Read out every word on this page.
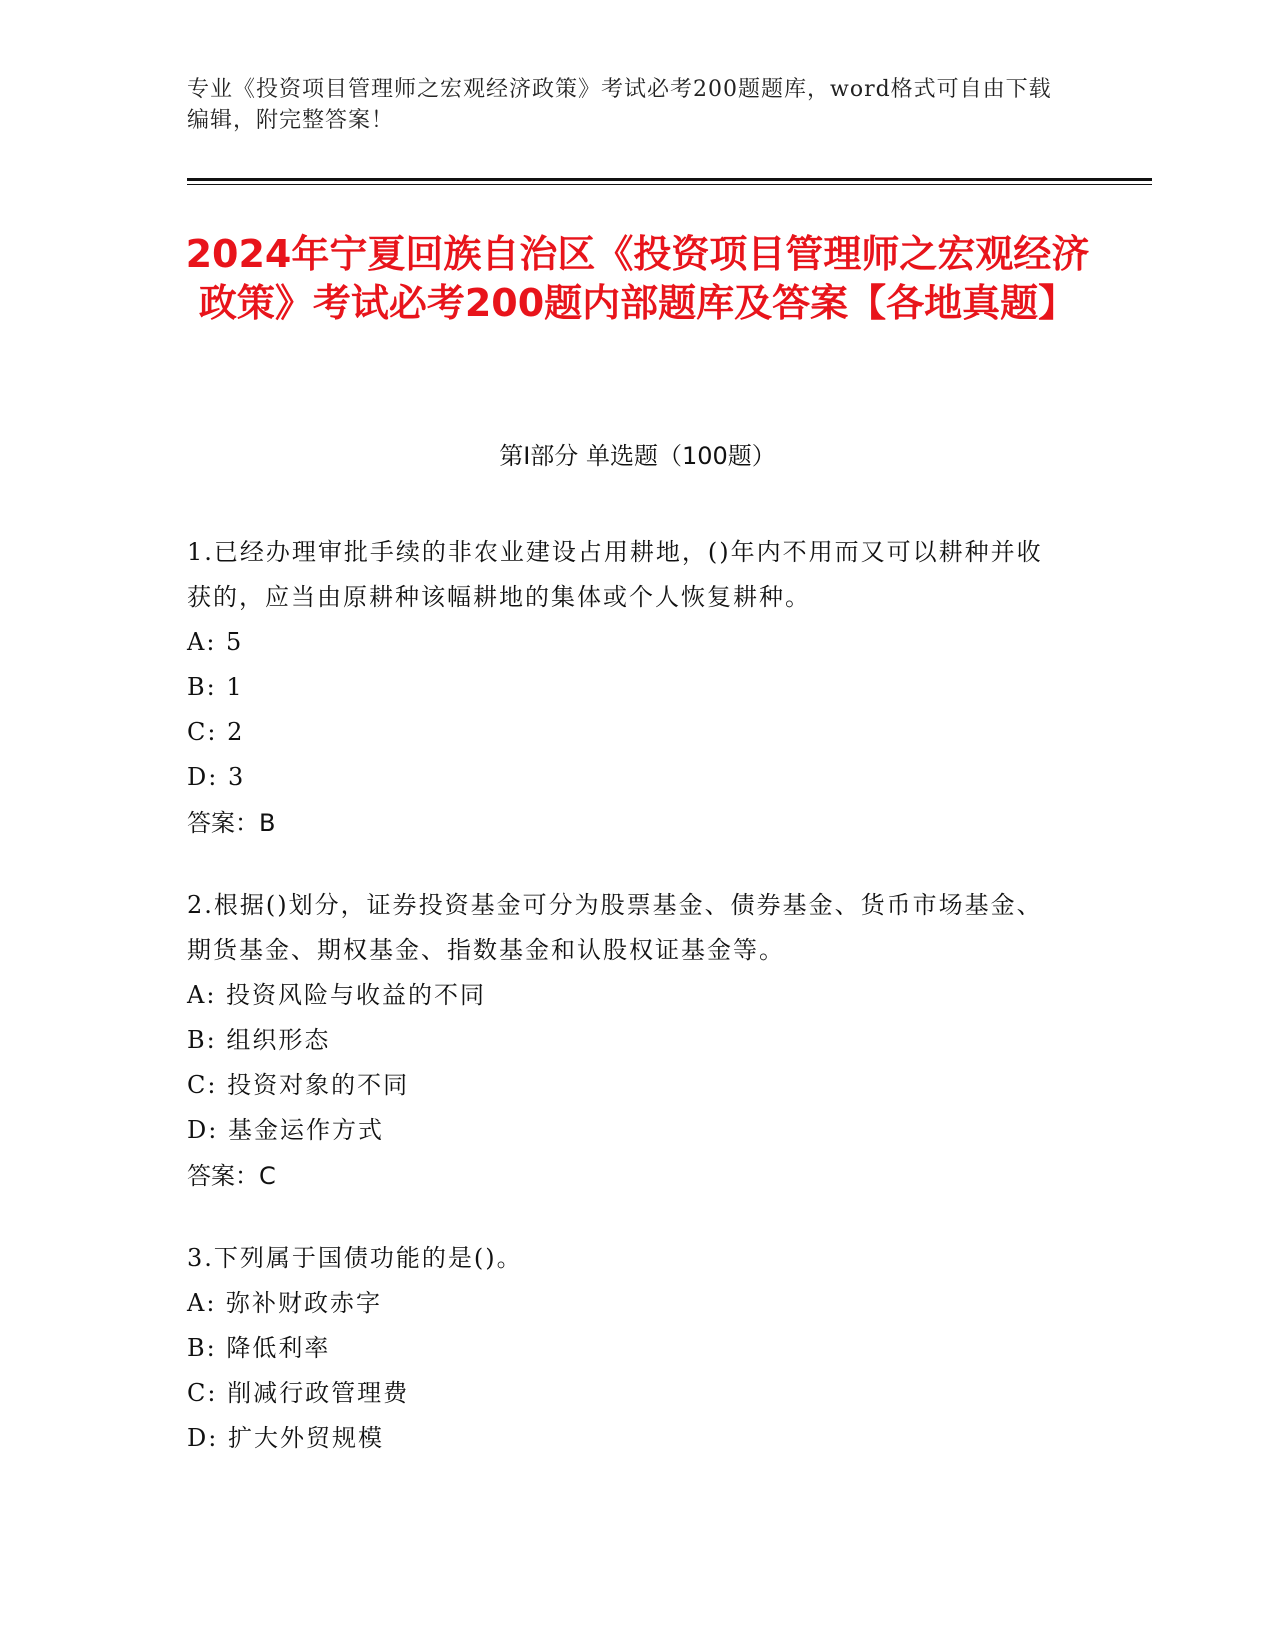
专业《投资项目管理师之宏观经济政策》考试必考200题题库，word格式可自由下载编辑，附完整答案！
2024年宁夏回族自治区《投资项目管理师之宏观经济政策》考试必考200题内部题库及答案【各地真题】
第Ⅰ部分 单选题（100题）

1.已经办理审批手续的非农业建设占用耕地，()年内不用而又可以耕种并收获的，应当由原耕种该幅耕地的集体或个人恢复耕种。

A: 5

B: 1

C: 2

D: 3

答案：B

2.根据()划分，证券投资基金可分为股票基金、债券基金、货币市场基金、期货基金、期权基金、指数基金和认股权证基金等。

A: 投资风险与收益的不同

B: 组织形态

C: 投资对象的不同

D: 基金运作方式

答案：C

3.下列属于国债功能的是()。

A: 弥补财政赤字

B: 降低利率

C: 削减行政管理费

D: 扩大外贸规模
